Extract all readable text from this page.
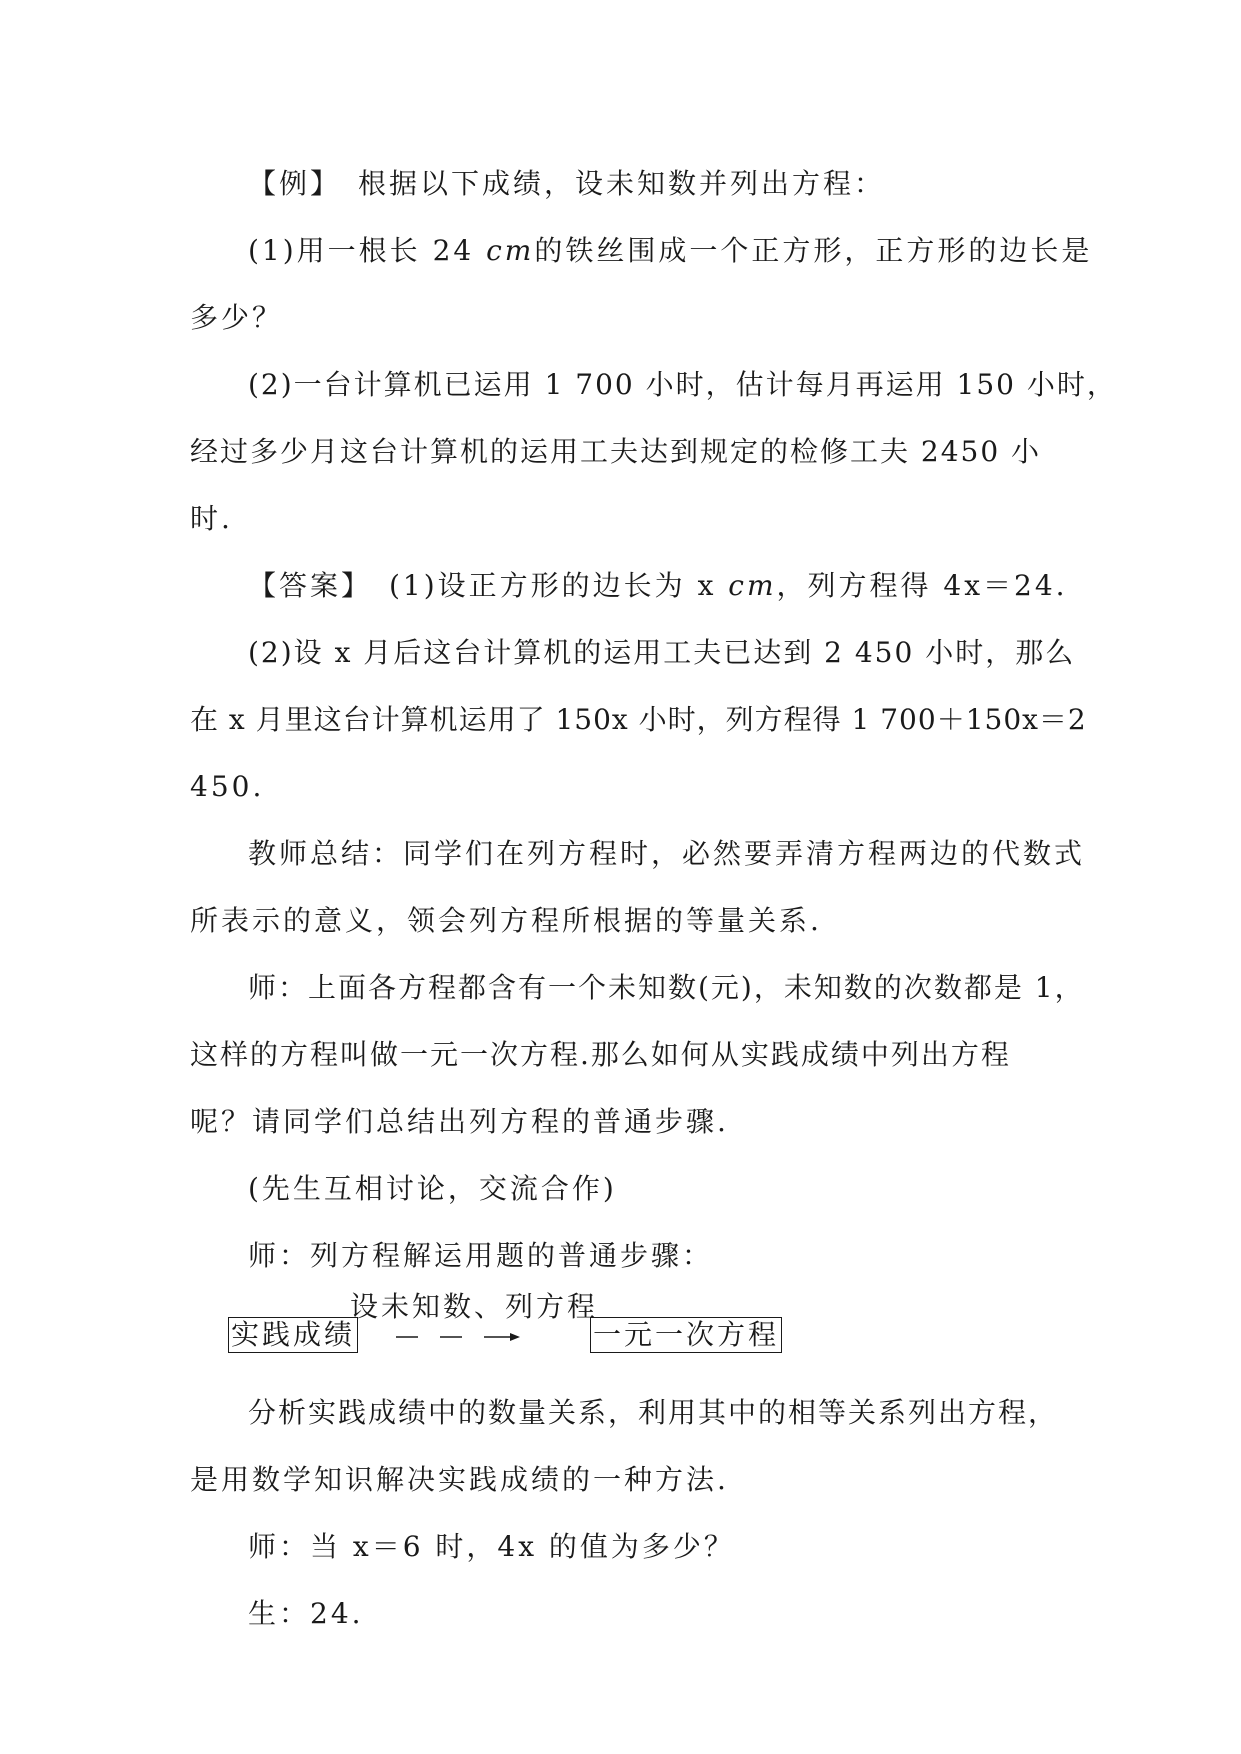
【例】　根据以下成绩，设未知数并列出方程：

(1)用一根长 24 cm的铁丝围成一个正方形，正方形的边长是

多少？

(2)一台计算机已运用 1 700 小时，估计每月再运用 150 小时，

经过多少月这台计算机的运用工夫达到规定的检修工夫 2450 小

时.

【答案】　(1)设正方形的边长为 x cm，列方程得 4x＝24.

(2)设 x 月后这台计算机的运用工夫已达到 2 450 小时，那么

在 x 月里这台计算机运用了 150x 小时，列方程得 1 700＋150x＝2

450.

教师总结：同学们在列方程时，必然要弄清方程两边的代数式

所表示的意义，领会列方程所根据的等量关系.

师：上面各方程都含有一个未知数(元)，未知数的次数都是 1，

这样的方程叫做一元一次方程.那么如何从实践成绩中列出方程

呢？请同学们总结出列方程的普通步骤.

(先生互相讨论，交流合作)

师：列方程解运用题的普通步骤：

实践成绩
设未知数、列方程
一元一次方程

分析实践成绩中的数量关系，利用其中的相等关系列出方程，

是用数学知识解决实践成绩的一种方法.

师：当 x＝6 时，4x 的值为多少？

生：24.
